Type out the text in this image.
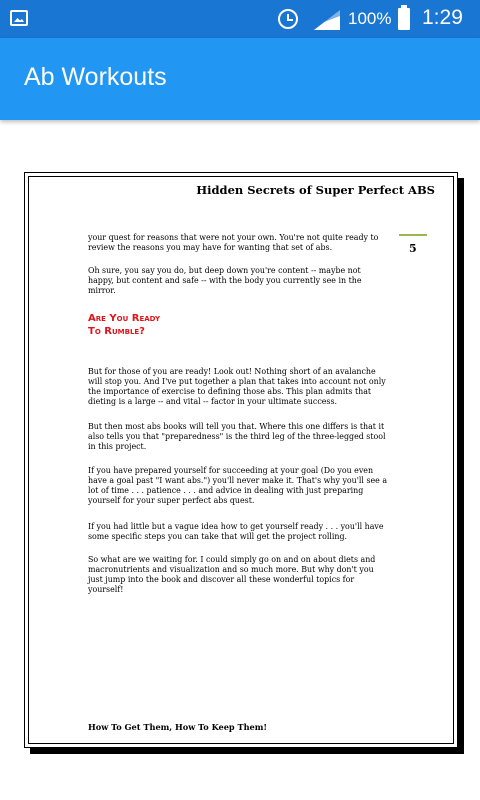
100% 1:29
Ab Workouts
Hidden Secrets of Super Perfect ABS
5
your quest for reasons that were not your own. You're not quite ready to review the reasons you may have for wanting that set of abs.
Oh sure, you say you do, but deep down you're content -- maybe not happy, but content and safe -- with the body you currently see in the mirror.
Are You Ready
To Rumble?
But for those of you are ready! Look out! Nothing short of an avalanche will stop you. And I've put together a plan that takes into account not only the importance of exercise to defining those abs. This plan admits that dieting is a large -- and vital -- factor in your ultimate success.
But then most abs books will tell you that. Where this one differs is that it also tells you that "preparedness" is the third leg of the three-legged stool in this project.
If you have prepared yourself for succeeding at your goal (Do you even have a goal past "I want abs.") you'll never make it. That's why you'll see a lot of time . . . patience . . . and advice in dealing with just preparing yourself for your super perfect abs quest.
If you had little but a vague idea how to get yourself ready . . . you'll have some specific steps you can take that will get the project rolling.
So what are we waiting for. I could simply go on and on about diets and macronutrients and visualization and so much more. But why don't you just jump into the book and discover all these wonderful topics for yourself!
How To Get Them, How To Keep Them!
